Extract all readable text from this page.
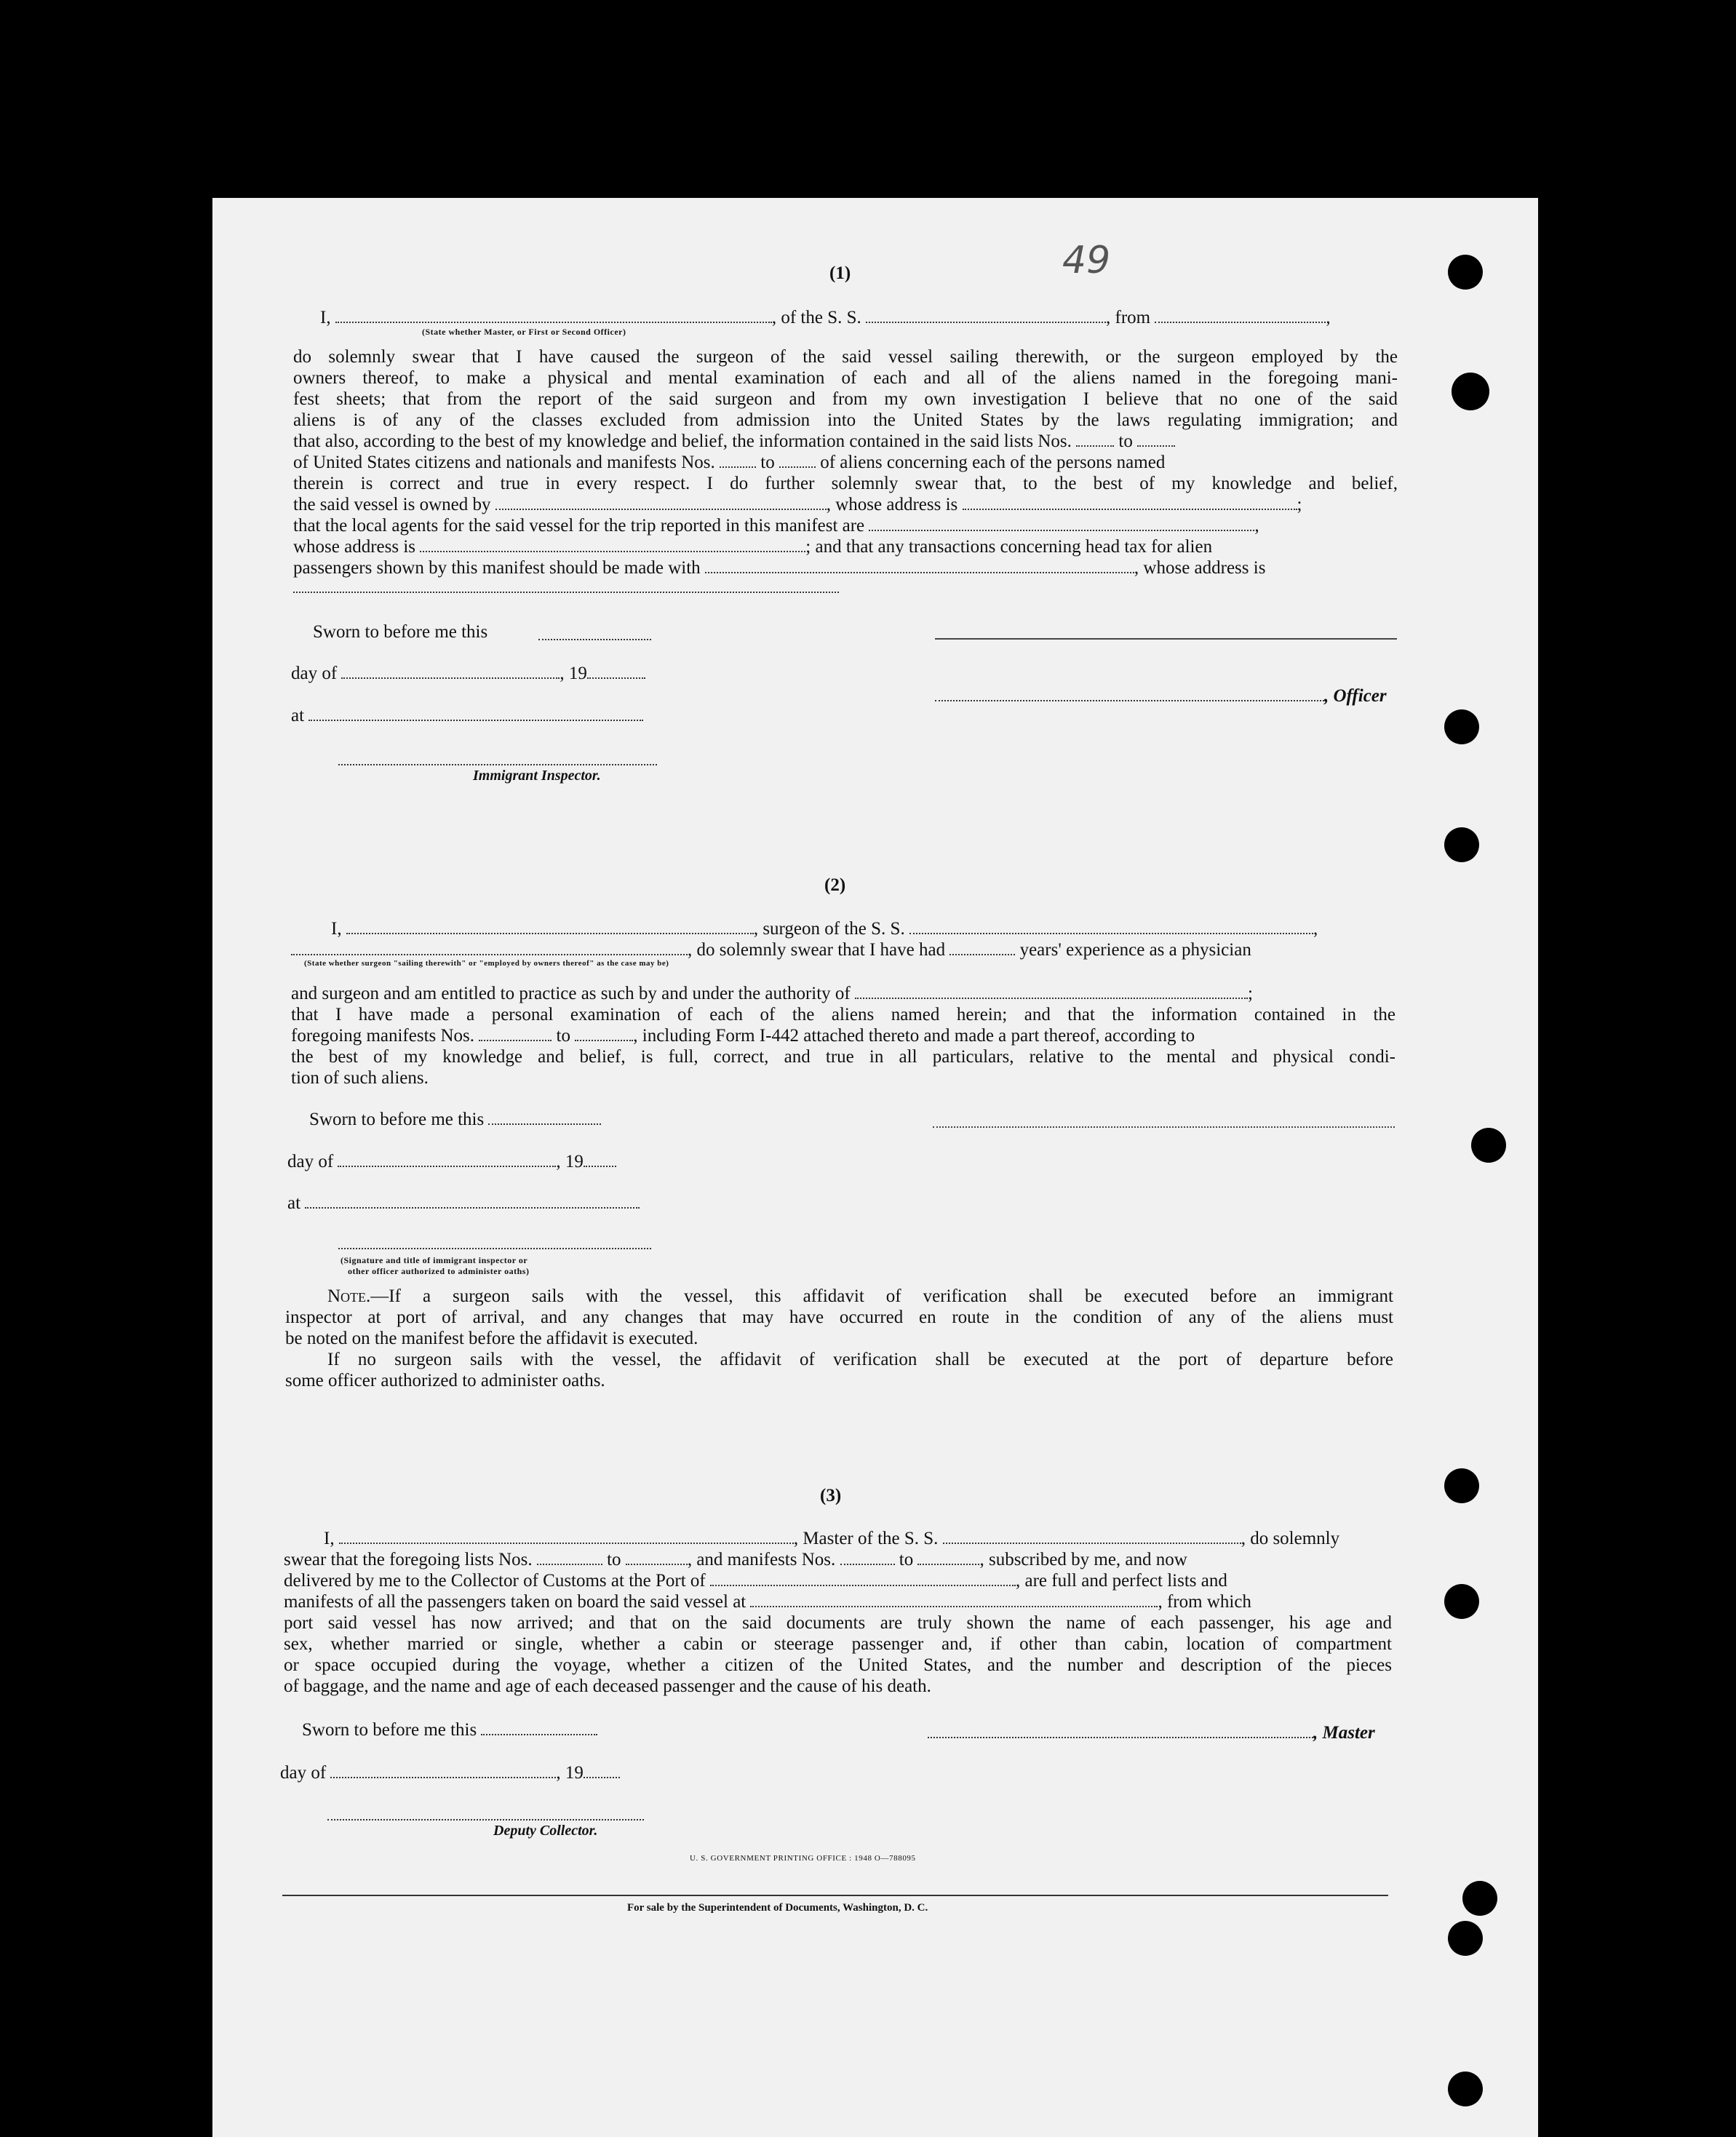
49
(1)
I,	, of the S. S.	, from	,
(State whether Master, or First or Second Officer)
do solemnly swear that I have caused the surgeon of the said vessel sailing therewith, or the surgeon employed by the
owners thereof, to make a physical and mental examination of each and all of the aliens named in the foregoing mani-
fest sheets; that from the report of the said surgeon and from my own investigation I believe that no one of the said
aliens is of any of the classes excluded from admission into the United States by the laws regulating immigration; and
that also, according to the best of my knowledge and belief, the information contained in the said lists Nos.	to
of United States citizens and nationals and manifests Nos.	to	of aliens concerning each of the persons named
therein is correct and true in every respect. I do further solemnly swear that, to the best of my knowledge and belief,
the said vessel is owned by	, whose address is	;
that the local agents for the said vessel for the trip reported in this manifest are	,
whose address is	; and that any transactions concerning head tax for alien
passengers shown by this manifest should be made with	, whose address is
Sworn to before me this
day of	, 19
at
, Officer
Immigrant Inspector.
(2)
I,	, surgeon of the S. S.	,
, do solemnly swear that I have had	years' experience as a physician
(State whether surgeon "sailing therewith" or "employed by owners thereof" as the case may be)
and surgeon and am entitled to practice as such by and under the authority of	;
that I have made a personal examination of each of the aliens named herein; and that the information contained in the
foregoing manifests Nos.	to	, including Form I-442 attached thereto and made a part thereof, according to
the best of my knowledge and belief, is full, correct, and true in all particulars, relative to the mental and physical condi-
tion of such aliens.
Sworn to before me this
day of	, 19
at
(Signature and title of immigrant inspector or
other officer authorized to administer oaths)
Note.—If a surgeon sails with the vessel, this affidavit of verification shall be executed before an immigrant
inspector at port of arrival, and any changes that may have occurred en route in the condition of any of the aliens must
be noted on the manifest before the affidavit is executed.
If no surgeon sails with the vessel, the affidavit of verification shall be executed at the port of departure before
some officer authorized to administer oaths.
(3)
I,	, Master of the S. S.	, do solemnly
swear that the foregoing lists Nos.	to	, and manifests Nos.	to	, subscribed by me, and now
delivered by me to the Collector of Customs at the Port of	, are full and perfect lists and
manifests of all the passengers taken on board the said vessel at	, from which
port said vessel has now arrived; and that on the said documents are truly shown the name of each passenger, his age and
sex, whether married or single, whether a cabin or steerage passenger and, if other than cabin, location of compartment
or space occupied during the voyage, whether a citizen of the United States, and the number and description of the pieces
of baggage, and the name and age of each deceased passenger and the cause of his death.
Sworn to before me this	, Master
day of	, 19
Deputy Collector.
U. S. GOVERNMENT PRINTING OFFICE : 1948 O—788095
For sale by the Superintendent of Documents, Washington, D. C.
